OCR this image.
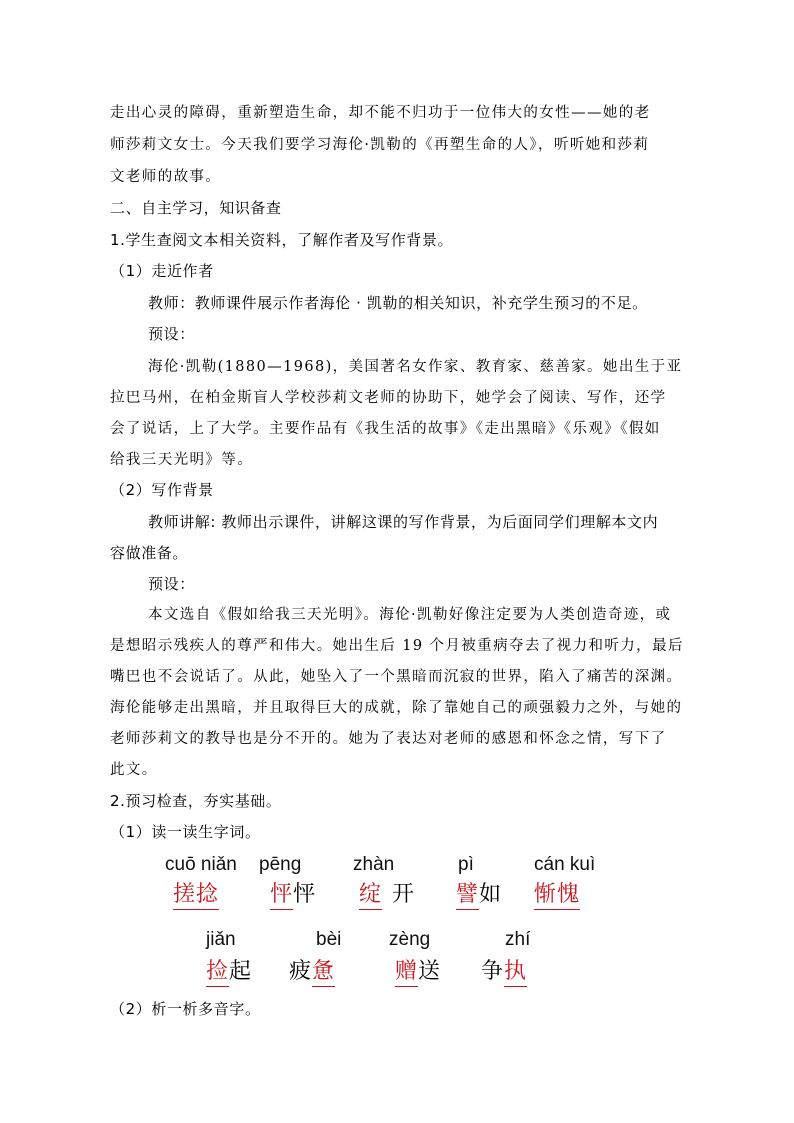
走出心灵的障碍，重新塑造生命，却不能不归功于一位伟大的女性——她的老
师莎莉文女士。今天我们要学习海伦·凯勒的《再塑生命的人》，听听她和莎莉
文老师的故事。
二、自主学习，知识备查
1.学生查阅文本相关资料，了解作者及写作背景。
（1）走近作者
教师：教师课件展示作者海伦 · 凯勒的相关知识，补充学生预习的不足。
预设：
海伦·凯勒(1880—1968)，美国著名女作家、教育家、慈善家。她出生于亚
拉巴马州，在柏金斯盲人学校莎莉文老师的协助下，她学会了阅读、写作，还学
会了说话，上了大学。主要作品有《我生活的故事》《走出黑暗》《乐观》《假如
给我三天光明》等。
（2）写作背景
教师讲解: 教师出示课件，讲解这课的写作背景，为后面同学们理解本文内
容做准备。
预设：
本文选自《假如给我三天光明》。海伦·凯勒好像注定要为人类创造奇迹，或
是想昭示残疾人的尊严和伟大。她出生后 19 个月被重病夺去了视力和听力，最后
嘴巴也不会说话了。从此，她坠入了一个黑暗而沉寂的世界，陷入了痛苦的深渊。
海伦能够走出黑暗，并且取得巨大的成就，除了靠她自己的顽强毅力之外，与她的
老师莎莉文的教导也是分不开的。她为了表达对老师的感恩和怀念之情，写下了
此文。
2.预习检查，夯实基础。
（1）读一读生字词。
cuō niǎn
搓捻
pēng
怦怦
zhàn
绽 开
pì
譬如
cán kuì
惭愧
jiǎn
捡起
bèi
疲惫
zèng
赠送
zhí
争执
（2）析一析多音字。
